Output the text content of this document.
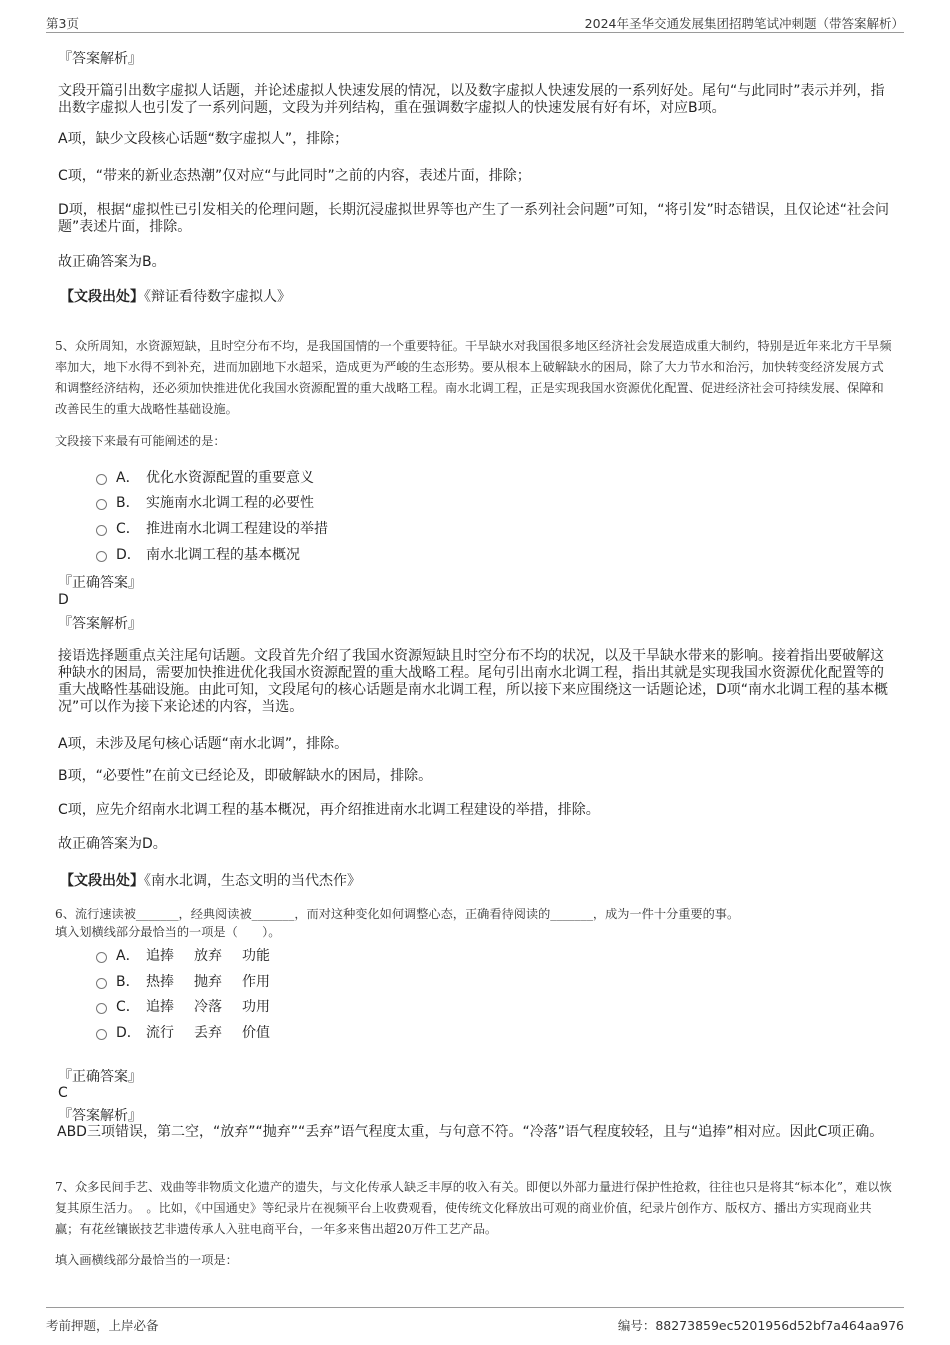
第3页	2024年圣华交通发展集团招聘笔试冲刺题（带答案解析）
『答案解析』
文段开篇引出数字虚拟人话题，并论述虚拟人快速发展的情况，以及数字虚拟人快速发展的一系列好处。尾句“与此同时”表示并列，指出数字虚拟人也引发了一系列问题，文段为并列结构，重在强调数字虚拟人的快速发展有好有坏，对应B项。
A项，缺少文段核心话题“数字虚拟人”，排除；
C项，“带来的新业态热潮”仅对应“与此同时”之前的内容，表述片面，排除；
D项，根据“虚拟性已引发相关的伦理问题，长期沉浸虚拟世界等也产生了一系列社会问题”可知，“将引发”时态错误，且仅论述“社会问题”表述片面，排除。
故正确答案为B。
【文段出处】《辩证看待数字虚拟人》
5、众所周知，水资源短缺，且时空分布不均，是我国国情的一个重要特征。干旱缺水对我国很多地区经济社会发展造成重大制约，特别是近年来北方干旱频率加大，地下水得不到补充，进而加剧地下水超采，造成更为严峻的生态形势。要从根本上破解缺水的困局，除了大力节水和治污，加快转变经济发展方式和调整经济结构，还必须加快推进优化我国水资源配置的重大战略工程。南水北调工程，正是实现我国水资源优化配置、促进经济社会可持续发展、保障和改善民生的重大战略性基础设施。
文段接下来最有可能阐述的是：
A． 优化水资源配置的重要意义
B． 实施南水北调工程的必要性
C． 推进南水北调工程建设的举措
D． 南水北调工程的基本概况
『正确答案』
D
『答案解析』
接语选择题重点关注尾句话题。文段首先介绍了我国水资源短缺且时空分布不均的状况，以及干旱缺水带来的影响。接着指出要破解这种缺水的困局，需要加快推进优化我国水资源配置的重大战略工程。尾句引出南水北调工程，指出其就是实现我国水资源优化配置等的重大战略性基础设施。由此可知，文段尾句的核心话题是南水北调工程，所以接下来应围绕这一话题论述，D项“南水北调工程的基本概况”可以作为接下来论述的内容，当选。
A项，未涉及尾句核心话题“南水北调”，排除。
B项，“必要性”在前文已经论及，即破解缺水的困局，排除。
C项，应先介绍南水北调工程的基本概况，再介绍推进南水北调工程建设的举措，排除。
故正确答案为D。
【文段出处】《南水北调，生态文明的当代杰作》
6、流行速读被_______，经典阅读被_______，而对这种变化如何调整心态，正确看待阅读的_______，成为一件十分重要的事。
填入划横线部分最恰当的一项是（　　）。
A． 追捧 放弃 功能
B． 热捧 抛弃 作用
C． 追捧 冷落 功用
D． 流行 丢弃 价值
『正确答案』
C
『答案解析』
ABD三项错误，第二空，“放弃”“抛弃”“丢弃”语气程度太重，与句意不符。“冷落”语气程度较轻，且与“追捧”相对应。因此C项正确。
7、众多民间手艺、戏曲等非物质文化遗产的遗失，与文化传承人缺乏丰厚的收入有关。即便以外部力量进行保护性抢救，往往也只是将其“标本化”，难以恢复其原生活力。　。比如，《中国通史》等纪录片在视频平台上收费观看，使传统文化释放出可观的商业价值，纪录片创作方、版权方、播出方实现商业共赢；有花丝镶嵌技艺非遗传承人入驻电商平台，一年多来售出超20万件工艺产品。
填入画横线部分最恰当的一项是：
考前押题，上岸必备	编号：88273859ec5201956d52bf7a464aa976
